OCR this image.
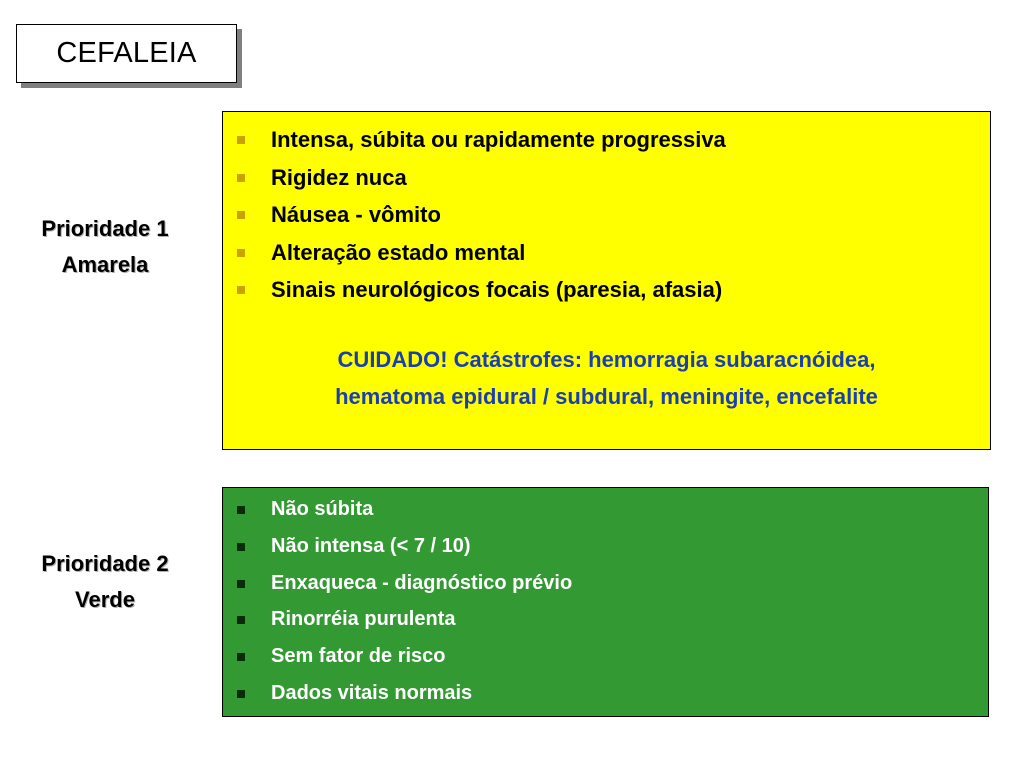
CEFALEIA
Prioridade 1
Amarela
Intensa, súbita ou rapidamente progressiva
Rigidez nuca
Náusea - vômito
Alteração estado mental
Sinais neurológicos focais (paresia, afasia)
CUIDADO! Catástrofes: hemorragia subaracnóidea,
hematoma epidural / subdural, meningite, encefalite
Prioridade 2
Verde
Não súbita
Não intensa (< 7 / 10)
Enxaqueca - diagnóstico prévio
Rinorréia purulenta
Sem fator de risco
Dados vitais normais
